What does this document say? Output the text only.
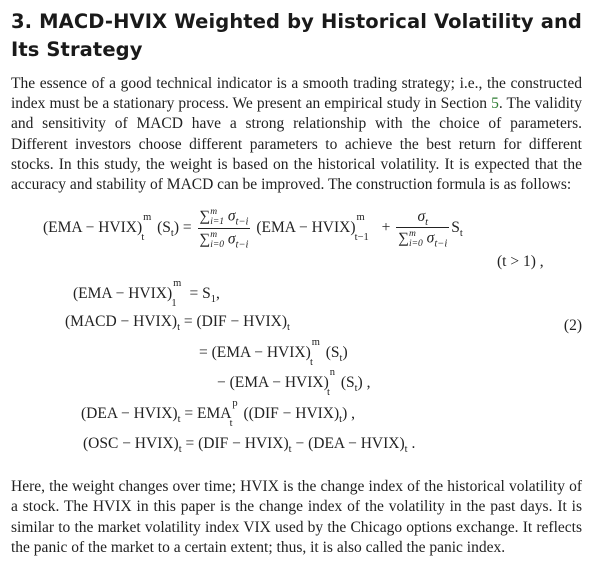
3. MACD-HVIX Weighted by Historical Volatility and Its Strategy

The essence of a good technical indicator is a smooth trading strategy; i.e., the constructed index must be a stationary process. We present an empirical study in Section 5. The validity and sensitivity of MACD have a strong relationship with the choice of parameters. Different investors choose different parameters to achieve the best return for different stocks. In this study, the weight is based on the historical volatility. It is expected that the accuracy and stability of MACD can be improved. The construction formula is as follows:

(EMA − HVIX)$^m_t$ $(S_t)$ =
∑m
i=1 $\sigma_{t-i}$
∑m
i=0 $\sigma_{t-i}$
(EMA − HVIX)$^m_{t-1}$ +
$\sigma_t$
∑m
i=0 $\sigma_{t-i}$
$S_t$
(t > 1) ,
(EMA − HVIX)$^m_1$ = $S_1$,
(MACD − $HVIX)_t = (DIF$ − $HVIX)_t$	(2)
= (EMA − HVIX)$^m_t$ $(S_t)$
− (EMA − HVIX)$^n_t$ $(S_t)$ ,
$(DEA - HVIX)_t = EMA^p_t$ $((DIF - HVIX)_t)$ ,
$(OSC - HVIX)_t = (DIF$ − $HVIX)_t - (DEA$ − $HVIX)_t$ .

Here, the weight changes over time; HVIX is the change index of the historical volatility of a stock. The HVIX in this paper is the change index of the volatility in the past days. It is similar to the market volatility index VIX used by the Chicago options exchange. It reflects the panic of the market to a certain extent; thus, it is also called the panic index.
